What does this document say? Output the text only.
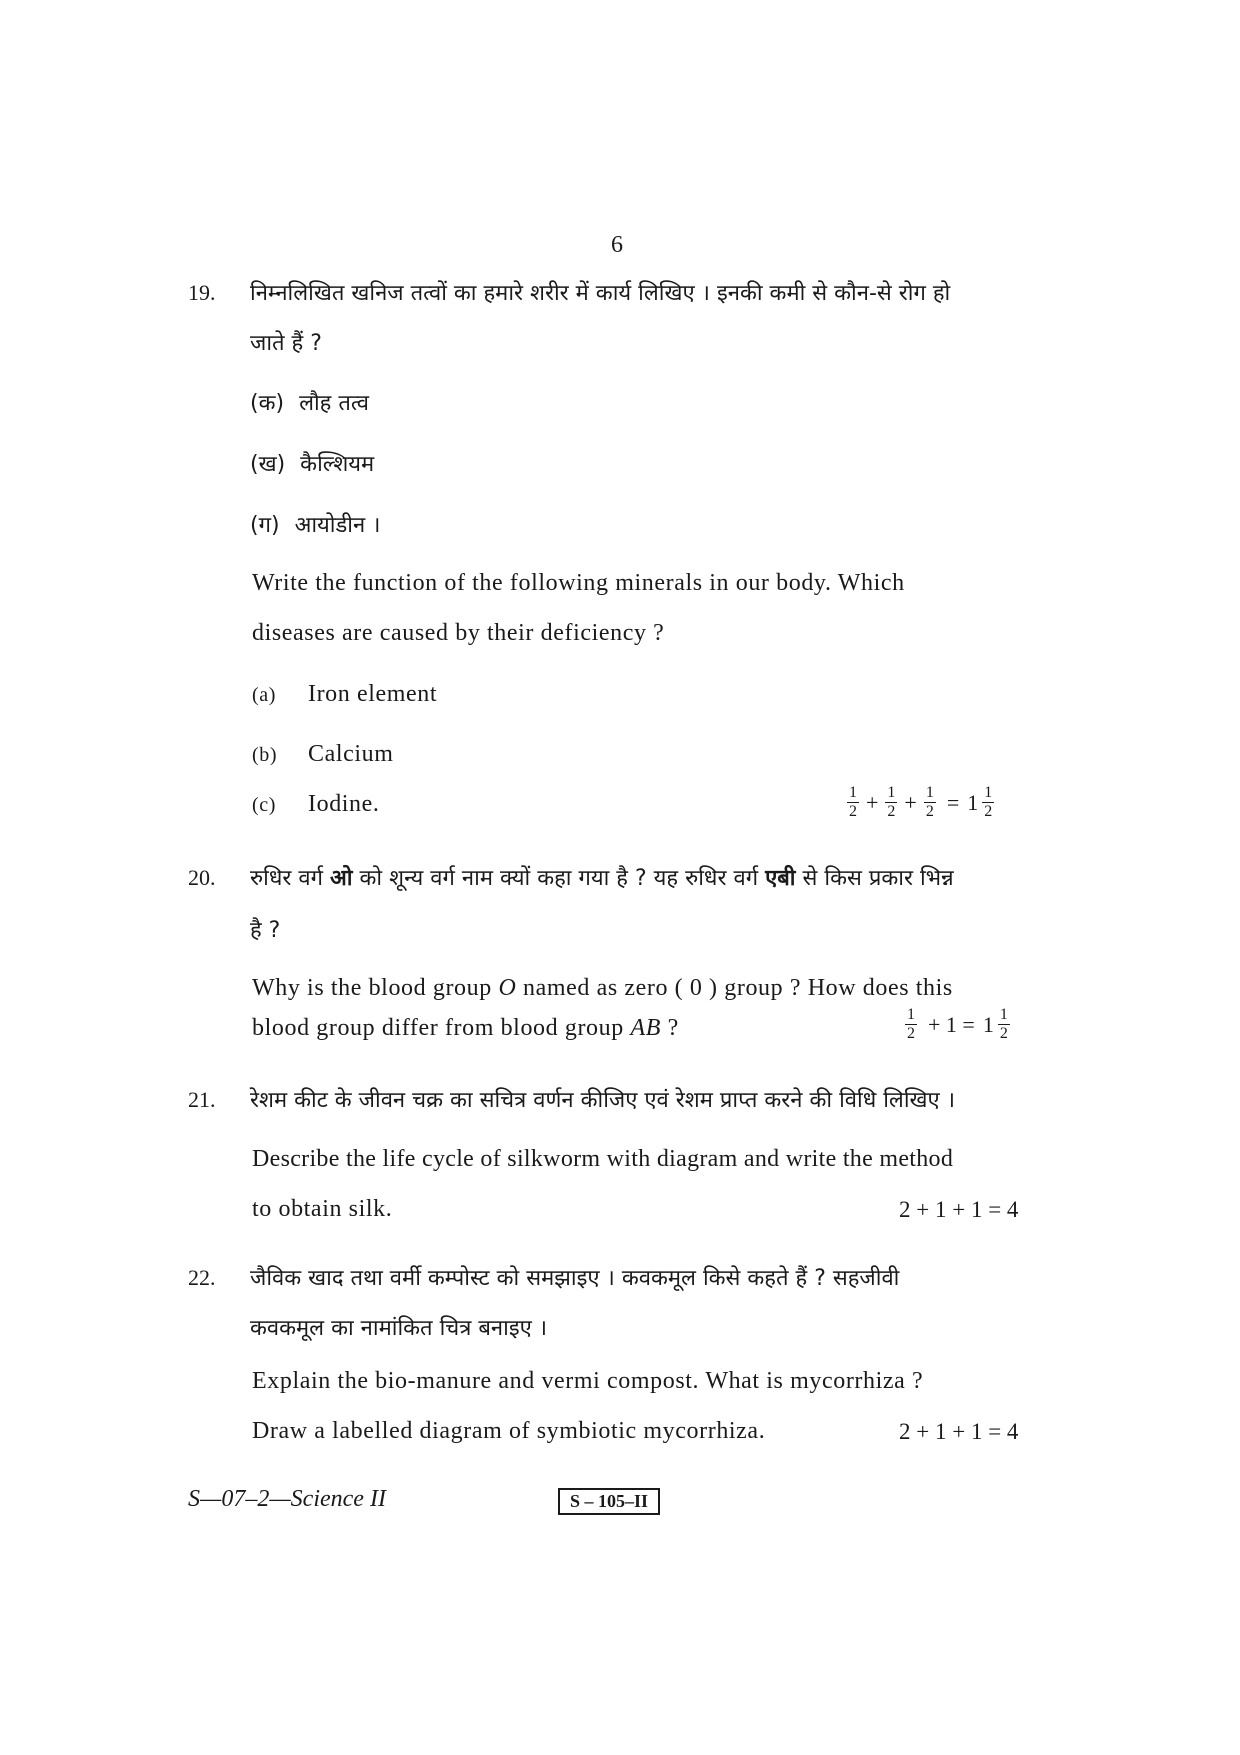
6
19. निम्नलिखित खनिज तत्वों का हमारे शरीर में कार्य लिखिए । इनकी कमी से कौन-से रोग हो
जाते हैं ?
(क) लौह तत्व
(ख) कैल्शियम
(ग) आयोडीन ।
Write the function of the following minerals in our body. Which
diseases are caused by their deficiency ?
(a) Iron element
(b) Calcium
(c) Iodine.	$\frac{1}{2} + \frac{1}{2} + \frac{1}{2} = 1 \frac{1}{2}$
20. रुधिर वर्ग ओ को शून्य वर्ग नाम क्यों कहा गया है ? यह रुधिर वर्ग एबी से किस प्रकार भिन्न
है ?
Why is the blood group O named as zero ( 0 ) group ? How does this
blood group differ from blood group AB ?	$\frac{1}{2} + 1 = 1 \frac{1}{2}$
21. रेशम कीट के जीवन चक्र का सचित्र वर्णन कीजिए एवं रेशम प्राप्त करने की विधि लिखिए ।
Describe the life cycle of silkworm with diagram and write the method
to obtain silk.	2 + 1 + 1 = 4
22. जैविक खाद तथा वर्मी कम्पोस्ट को समझाइए । कवकमूल किसे कहते हैं ? सहजीवी
कवकमूल का नामांकित चित्र बनाइए ।
Explain the bio-manure and vermi compost. What is mycorrhiza ?
Draw a labelled diagram of symbiotic mycorrhiza.	2 + 1 + 1 = 4
S—07–2—Science II	S – 105–II
